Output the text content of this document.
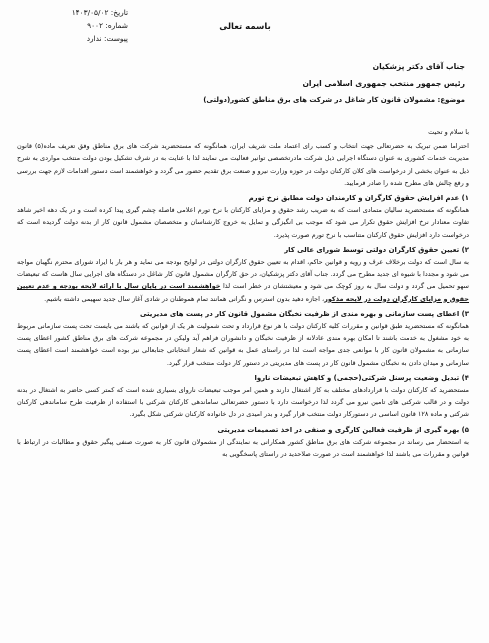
تاریخ: ۱۴۰۳/۰۵/۰۲
شماره: ۹۰۰۲
پیوست: ندارد
باسمه تعالی
جناب آقای دکتر پزشکیان
رئیس جمهور منتخب جمهوری اسلامی ایران
موضوع: مشمولان قانون کار شاغل در شرکت های برق مناطق کشور(دولتی)

با سلام و تحیت

احتراما ضمن تبریک به حضرتعالی جهت انتخاب و کسب رای اعتماد ملت شریف ایران، همانگونه که مستحضرید شرکت های برق مناطق وفق تعریف ماده(۵) قانون مدیریت خدمات کشوری به عنوان دستگاه اجرایی ذیل شرکت مادرتخصصی توانیر فعالیت می نمایند لذا با عنایت به در شرف تشکیل بودن دولت منتخب مواردی به شرح ذیل به عنوان بخشی از درخواست های کلان کارکنان دولت در حوزه وزارت نیرو و صنعت برق تقدیم حضور می گردد و خواهشمند است دستور اقدامات لازم جهت بررسی و رفع چالش های مطرح شده را صادر فرمایید.

۱) عدم افزایش حقوق کارگران و کارمندان دولت مطابق نرخ تورم

همانگونه که مستحضرید سالیان متمادی است که به ضریب رشد حقوق و مزایای کارکنان با نرخ تورم اعلامی فاصله چشم گیری پیدا کرده است و در یک دهه اخیر شاهد تفاوت معنادار نرخ افزایش حقوق تکرار می شود که موجب بی انگیزگی و تمایل به خروج کارشناسان و متخصصان مشمول قانون کار از بدنه دولت گردیده است که درخواست دارد افزایش حقوق کارکنان متناسب با نرخ تورم صورت پذیرد.

۲) تعیین حقوق کارگران دولتی توسط شورای عالی کار

به سال است که دولت برخلاف عرف و رویه و قوانین حاکم، اقدام به تعیین حقوق کارگران دولتی در لوایح بودجه می نماید و هر بار با ایراد شورای محترم نگهبان مواجه می شود و مجددا با شیوه ای جدید مطرح می گردد. جناب آقای دکتر پزشکیان، در حق کارگران مشمول قانون کار شاغل در دستگاه های اجرایی سال هاست که تبعیضات سهو تحمیل می گردد و دولت سال به روز کوچک می شود و معیشتشان در خطر است لذا خواهشمند است در پایان سال با ارائه لایحه بودجه و عدم تعیین حقوق و مزایای کارگران دولت در لایحه مذکور، اجازه دهید بدون استرس و نگرانی همانند تمام هموطنان در شادی آغاز سال جدید سهیمی داشته باشیم.

۳) اعطای پست سازمانی و بهره مندی از ظرفیت نخبگان مشمول قانون کار در پست های مدیریتی

همانگونه که مستحضرید طبق قوانین و مقررات کلیه کارکنان دولت با هر نوع قرارداد و تحت شمولیت هر یک از قوانین که باشند می بایست تحت پست سازمانی مربوط به خود مشغول به خدمت باشند تا امکان بهره مندی عادلانه از ظرفیت نخبگان و دانشوران فراهم آید ولیکن در مجموعه شرکت های برق مناطق کشور اعطای پست سازمانی به مشمولان قانون کار با موانعی جدی مواجه است لذا در راستای عمل به قوانین که شعار انتخاباتی جنابعالی نیز بوده است خواهشمند است اعطای پست سازمانی و میدان دادن به نخبگان مشمول قانون کار در پست های مدیریتی در دستور کار دولت منتخب قرار گیرد.

۴) تبدیل وضعیت پرسنل شرکتی(حجمی) و کاهش تبعیضات ناروا

مستحضرید که کارکنان دولت با قراردادهای مختلف به کار اشتغال دارند و همین امر موجب تبعیضات ناروای بسیاری شده است که کمتر کسی حاضر به اشتغال در بدنه دولت و در قالب شرکتی های تامین نیرو می گردد لذا درخواست دارد با دستور حضرتعالی ساماندهی کارکنان شرکتی با استفاده از ظرفیت طرح ساماندهی کارکنان شرکتی و ماده ۱۲۸ قانون اساسی در دستورکار دولت منتخب قرار گیرد و بدر امیدی در دل خانواده کارکنان شرکتی شکل بگیرد.

۵) بهره گیری از ظرفیت فعالین کارگری و صنفی در اخذ تصمیمات مدیریتی

به استحضار می رساند در مجموعه شرکت های برق مناطق کشور همکارانی به نمایندگی از مشمولان قانون کار به صورت صنفی پیگیر حقوق و مطالبات در ارتباط با قوانین و مقررات می باشند لذا خواهشمند است در صورت صلاحدید در راستای پاسخگویی به
